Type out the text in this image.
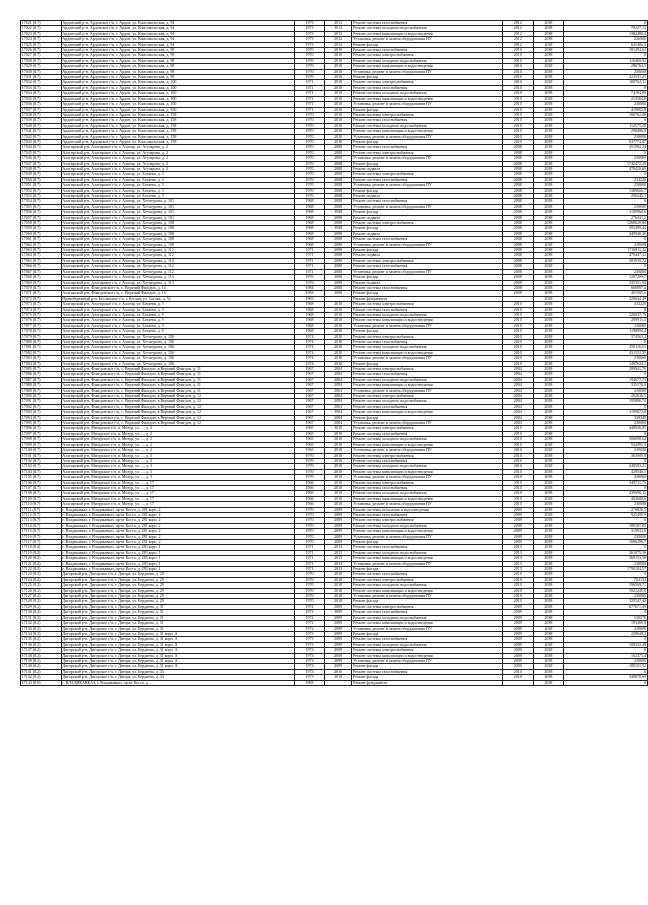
17021 (8.7)	Ардонский р-н, Ардонское г/п, г. Ардон, ул. Комсомольская, д. 94	1973	2012	Ремонт системы газоснабжения	2012	2038	0
17022 (8.7)	Ардонский р-н, Ардонское г/п, г. Ардон, ул. Комсомольская, д. 94	1973	2012	Ремонт системы холодного водоснабжения	2012	2038	78227,13
17023 (8.7)	Ардонский р-н, Ардонское г/п, г. Ардон, ул. Комсомольская, д. 94	1973	2012	Ремонт системы канализации и водоотведения	2012	2038	1382486,4
17024 (8.7)	Ардонский р-н, Ардонское г/п, г. Ардон, ул. Комсомольская, д. 94	1973	2012	Установка, ремонт и замена оборудования ПУ	2012	2038	226000
17025 (8.7)	Ардонский р-н, Ардонское г/п, г. Ардон, ул. Комсомольская, д. 94	1973	2012	Ремонт фасада	2012	2038	641406,5
17026 (8.7)	Ардонский р-н, Ардонское г/п, г. Ардон, ул. Комсомольская, д. 98	1970	2010	Ремонт системы газоснабжения	2010	2038	181294,64
17027 (8.7)	Ардонский р-н, Ардонское г/п, г. Ардон, ул. Комсомольская, д. 98	1970	2010	Ремонт системы электроснабжения	2010	2038	0
17028 (8.7)	Ардонский р-н, Ардонское г/п, г. Ардон, ул. Комсомольская, д. 98	1970	2010	Ремонт системы холодного водоснабжения	2010	2038	110469,92
17029 (8.7)	Ардонский р-н, Ардонское г/п, г. Ардон, ул. Комсомольская, д. 98	1970	2010	Ремонт системы канализации и водоотведения	2010	2038	286764,5
17030 (8.7)	Ардонский р-н, Ардонское г/п, г. Ардон, ул. Комсомольская, д. 98	1970	2010	Установка, ремонт и замена оборудования ПУ	2010	2038	230000
17031 (8.7)	Ардонский р-н, Ардонское г/п, г. Ардон, ул. Комсомольская, д. 98	1970	2010	Ремонт фасада	2010	2038	422531,21
17032 (8.7)	Ардонский р-н, Ардонское г/п, г. Ардон, ул. Комсомольская, д. 100	1971	2010	Ремонт системы электроснабжения	2010	2038	108762,11
17033 (8.7)	Ардонский р-н, Ардонское г/п, г. Ардон, ул. Комсомольская, д. 100	1971	2010	Ремонт системы газоснабжения	2010	2038	0
17034 (8.7)	Ардонский р-н, Ардонское г/п, г. Ардон, ул. Комсомольская, д. 100	1971	2010	Ремонт системы холодного водоснабжения	2010	2038	74184,89
17035 (8.7)	Ардонский р-н, Ардонское г/п, г. Ардон, ул. Комсомольская, д. 100	1971	2010	Ремонт системы канализации и водоотведения	2010	2038	213564,8
17036 (8.7)	Ардонский р-н, Ардонское г/п, г. Ардон, ул. Комсомольская, д. 100	1971	2010	Установка, ремонт и замена оборудования ПУ	2010	2038	230000
17037 (8.7)	Ардонский р-н, Ардонское г/п, г. Ардон, ул. Комсомольская, д. 100	1971	2010	Ремонт фасада	2010	2038	419082,8
17038 (8.7)	Ардонский р-н, Ардонское г/п, г. Ардон, ул. Комсомольская, д. 158	1970	2010	Ремонт системы электроснабжения	2010	2038	166762,08
17039 (8.7)	Ардонский р-н, Ардонское г/п, г. Ардон, ул. Комсомольская, д. 158	1970	2010	Ремонт системы газоснабжения	2010	2038	0
17040 (8.7)	Ардонский р-н, Ардонское г/п, г. Ардон, ул. Комсомольская, д. 158	1970	2010	Ремонт системы холодного водоснабжения	2010	2038	112575,48
17041 (8.7)	Ардонский р-н, Ардонское г/п, г. Ардон, ул. Комсомольская, д. 158	1970	2010	Ремонт системы канализации и водоотведения	2010	2038	298496,8
17042 (8.7)	Ардонский р-н, Ардонское г/п, г. Ардон, ул. Комсомольская, д. 158	1970	2010	Установка, ремонт и замена оборудования ПУ	2010	2038	230000
17043 (8.7)	Ардонский р-н, Ардонское г/п, г. Ардон, ул. Комсомольская, д. 158	1970	2010	Ремонт фасада	2010	2038	637774,87
17044 (8.7)	Алагирский р-н, Алагирское г/п, г. Алагир, ул. Агузарова, д. 2	1970	2008	Ремонт системы газоснабжения	2008	2038	451592,24
17045 (8.7)	Алагирский р-н, Алагирское г/п, г. Алагир, ул. Агузарова, д. 2	1970	2008	Ремонт системы электроснабжения	2008	2038	0
17046 (8.7)	Алагирский р-н, Алагирское г/п, г. Алагир, ул. Агузарова, д. 2	1970	2008	Установка, ремонт и замена оборудования ПУ	2008	2038	230000
17047 (8.7)	Алагирский р-н, Алагирское г/п, г. Алагир, ул. Агузарова, д. 2	1970	2008	Ремонт фасада	2008	2038	1742472,28
17048 (8.7)	Алагирский р-н, Алагирское г/п, г. Алагир, ул. Агузарова, д. 2	1970	2008	Ремонт подвала	2008	2038	478420,69
17049 (8.7)	Алагирский р-н, Алагирское г/п, г. Алагир, ул. Ботаева, д. 3	1970	2008	Ремонт системы электроснабжения	2008	2038	0
17050 (8.7)	Алагирский р-н, Алагирское г/п, г. Алагир, ул. Ботаева, д. 3	1970	2008	Ремонт системы газоснабжения	2008	2038	234220
17051 (8.7)	Алагирский р-н, Алагирское г/п, г. Алагир, ул. Ботаева, д. 3	1970	2008	Установка, ремонт и замена оборудования ПУ	2008	2038	230000
17052 (8.7)	Алагирский р-н, Алагирское г/п, г. Алагир, ул. Ботаева, д. 3	1970	2008	Ремонт фасада	2008	2038	1389666,7
17053 (8.7)	Алагирский р-н, Алагирское г/п, г. Алагир, ул. Ботаева, д. 3	1970	2008	Ремонт подвала	2008	2038	256245,3
17054 (8.7)	Алагирский р-н, Алагирское г/п, г. Алагир, ул. Хетагурова, д. 101	1968	2008	Ремонт системы газоснабжения	2008	2038	0
17055 (8.7)	Алагирский р-н, Алагирское г/п, г. Алагир, ул. Хетагурова, д. 101	1968	2008	Установка, ремонт и замена оборудования ПУ	2008	2038	230000
17056 (8.7)	Алагирский р-н, Алагирское г/п, г. Алагир, ул. Хетагурова, д. 101	1968	2008	Ремонт фасада	2008	2038	1189960,6
17057 (8.7)	Алагирский р-н, Алагирское г/п, г. Алагир, ул. Хетагурова, д. 101	1968	2008	Ремонт подвала	2008	2038	276431,2
17058 (8.7)	Алагирский р-н, Алагирское г/п, г. Алагир, ул. Хетагурова, д. 108	1968	2008	Ремонт системы электроснабжения	2008	2038	1268620,84
17059 (8.7)	Алагирский р-н, Алагирское г/п, г. Алагир, ул. Хетагурова, д. 108	1968	2008	Ремонт фасада	2008	2038	393499,44
17060 (8.7)	Алагирский р-н, Алагирское г/п, г. Алагир, ул. Хетагурова, д. 108	1968	2008	Ремонт подвала	2008	2038	449940,36
17061 (8.7)	Алагирский р-н, Алагирское г/п, г. Алагир, ул. Хетагурова, д. 108	1968	2008	Ремонт системы газоснабжения	2008	2038	0
17062 (8.7)	Алагирский р-н, Алагирское г/п, г. Алагир, ул. Хетагурова, д. 108	1968	2008	Установка, ремонт и замена оборудования ПУ	2008	2038	230000
17063 (8.7)	Алагирский р-н, Алагирское г/п, г. Алагир, ул. Хетагурова, д. 112	1971	2008	Ремонт фасада	2008	2038	1716811,42
17064 (8.7)	Алагирский р-н, Алагирское г/п, г. Алагир, ул. Хетагурова, д. 112	1971	2008	Ремонт подвала	2008	2038	479447,32
17065 (8.7)	Алагирский р-н, Алагирское г/п, г. Алагир, ул. Хетагурова, д. 112	1971	2008	Ремонт системы электроснабжения	2008	2038	303939,72
17066 (8.7)	Алагирский р-н, Алагирское г/п, г. Алагир, ул. Хетагурова, д. 112	1971	2008	Ремонт системы газоснабжения	2008	2038	0
17067 (8.7)	Алагирский р-н, Алагирское г/п, г. Алагир, ул. Хетагурова, д. 112	1971	2008	Установка, ремонт и замена оборудования ПУ	2008	2038	230000
17068 (8.7)	Алагирский р-н, Алагирское г/п, г. Алагир, ул. Хетагурова, д. 113	1976	2008	Ремонт фасада	2008	2038	1207209,7
17069 (8.7)	Алагирский р-н, Алагирское г/п, г. Алагир, ул. Хетагурова, д. 113	1976	2008	Ремонт подвала	2008	2038	335351,94
17070 (8.7)	Алагирский р-н, Фиагдонское г/п, с. Верхний Фиагдон, д. 14	1984	2008	Ремонт системы газоснабжения	2008	2038	660897,4
17071 (8.7)	Алагирский р-н, Фиагдонское г/п, с. Верхний Фиагдон, д. 14	1984	2008	Ремонт фасада	2008	2038	401505,6
17072 (8.7)	Правобережный р-н, Бесланское г/п, г. Беслан, ул. Сигова, д. 52	1983		Ремонт фундамента		2038	320634,49
17073 (8.7)	Алагирский р-н, Алагирское г/п, г. Алагир, ул. Ботаева, д. 5	1968	2010	Ремонт системы электроснабжения	2010	2038	334229
17074 (8.7)	Алагирский р-н, Алагирское г/п, г. Алагир, ул. Ботаева, д. 5	1968	2010	Ремонт системы газоснабжения	2010	2038	0
17075 (8.7)	Алагирский р-н, Алагирское г/п, г. Алагир, ул. Ботаева, д. 5	1968	2010	Ремонт системы холодного водоснабжения	2010	2038	226027,79
17076 (8.7)	Алагирский р-н, Алагирское г/п, г. Алагир, ул. Ботаева, д. 5	1968	2010	Ремонт системы канализации и водоотведения	2010	2038	299911,5
17077 (8.7)	Алагирский р-н, Алагирское г/п, г. Алагир, ул. Ботаева, д. 5	1968	2010	Установка, ремонт и замена оборудования ПУ	2010	2038	230000
17078 (8.7)	Алагирский р-н, Алагирское г/п, г. Алагир, ул. Ботаева, д. 5	1968	2010	Ремонт фасада	2010	2038	1198994,4
17079 (8.7)	Алагирский р-н, Алагирское г/п, г. Алагир, ул. Хетагурова, д. 106	1974	2010	Ремонт системы электроснабжения	2010	2038	374563,4
17080 (8.7)	Алагирский р-н, Алагирское г/п, г. Алагир, ул. Хетагурова, д. 106	1974	2010	Ремонт системы газоснабжения	2010	2038	0
17081 (8.7)	Алагирский р-н, Алагирское г/п, г. Алагир, ул. Хетагурова, д. 106	1974	2010	Ремонт системы холодного водоснабжения	2010	2038	250116,51
17082 (8.7)	Алагирский р-н, Алагирское г/п, г. Алагир, ул. Хетагурова, д. 106	1974	2010	Ремонт системы канализации и водоотведения	2010	2038	431151,35
17083 (8.7)	Алагирский р-н, Алагирское г/п, г. Алагир, ул. Хетагурова, д. 106	1974	2010	Установка, ремонт и замена оборудования ПУ	2010	2038	230000
17084 (8.7)	Алагирский р-н, Алагирское г/п, г. Алагир, ул. Хетагурова, д. 106	1974	2010	Ремонт фасада	2010	2038	1497624,1
17085 (8.7)	Алагирский р-н, Фиагдонское г/п, с. Верхний Фиагдон, в Верхний Фиагдон, д. 11	1967	2004	Ремонт системы электроснабжения	2004	2038	289941,76
17086 (8.7)	Алагирский р-н, Фиагдонское г/п, с. Верхний Фиагдон, в Верхний Фиагдон, д. 11	1967	2004	Ремонт системы газоснабжения	2004	2038	0
17087 (8.7)	Алагирский р-н, Фиагдонское г/п, с. Верхний Фиагдон, в Верхний Фиагдон, д. 11	1967	2004	Ремонт системы холодного водоснабжения	2004	2038	194077,71
17088 (8.7)	Алагирский р-н, Фиагдонское г/п, с. Верхний Фиагдон, в Верхний Фиагдон, д. 11	1967	2004	Ремонт системы канализации и водоотведения	2004	2038	335170,6
17089 (8.7)	Алагирский р-н, Фиагдонское г/п, с. Верхний Фиагдон, в Верхний Фиагдон, д. 11	1967	2004	Установка, ремонт и замена оборудования ПУ	2004	2038	230000
17090 (8.7)	Алагирский р-н, Фиагдонское г/п, с. Верхний Фиагдон, в Верхний Фиагдон, д. 12	1967	2004	Ремонт системы электроснабжения	2004	2038	292636,5
17091 (8.7)	Алагирский р-н, Фиагдонское г/п, с. Верхний Фиагдон, в Верхний Фиагдон, д. 12	1967	2004	Ремонт системы холодного водоснабжения	2004	2038	195896,74
17092 (8.7)	Алагирский р-н, Фиагдонское г/п, с. Верхний Фиагдон, в Верхний Фиагдон, д. 12	1967	2004	Ремонт системы газоснабжения	2004	2038	0
17093 (8.7)	Алагирский р-н, Фиагдонское г/п, с. Верхний Фиагдон, в Верхний Фиагдон, д. 12	1967	2004	Ремонт системы канализации и водоотведения	2004	2038	1199072,8
17094 (8.7)	Алагирский р-н, Фиагдонское г/п, с. Верхний Фиагдон, в Верхний Фиагдон, д. 12	1967	2004	Ремонт фасада	2004	2038	338348
17095 (8.7)	Алагирский р-н, Фиагдонское г/п, с. Верхний Фиагдон, в Верхний Фиагдон, д. 12	1967	2004	Установка, ремонт и замена оборудования ПУ	2004	2038	230000
17096 (8.7)	Алагирский р-н, Мизурское г/п, п. Мизур, ул. ..., д. 2	1965	2010	Ремонт системы электроснабжения	2010	2038	448936,95
17097 (8.7)	Алагирский р-н, Мизурское г/п, п. Мизур, ул. ..., д. 2	1965	2010	Ремонт системы газоснабжения	2010	2038	0
17098 (8.7)	Алагирский р-н, Мизурское г/п, п. Мизур, ул. ..., д. 2	1965	2010	Ремонт системы холодного водоснабжения	2010	2038	306698,62
17099 (8.7)	Алагирский р-н, Мизурское г/п, п. Мизур, ул. ..., д. 2	1965	2010	Ремонт системы канализации и водоотведения	2010	2038	532995,5
17100 (8.7)	Алагирский р-н, Мизурское г/п, п. Мизур, ул. ..., д. 2	1965	2010	Установка, ремонт и замена оборудования ПУ	2010	2038	230000
17101 (8.7)	Алагирский р-н, Мизурское г/п, п. Мизур, ул. ..., д. 3	1970	2010	Ремонт системы электроснабжения	2010	2038	363909,9
17102 (8.7)	Алагирский р-н, Мизурское г/п, п. Мизур, ул. ..., д. 3	1970	2010	Ремонт системы газоснабжения	2010	2038	0
17103 (8.7)	Алагирский р-н, Мизурское г/п, п. Мизур, ул. ..., д. 3	1970	2010	Ремонт системы холодного водоснабжения	2010	2038	248593,21
17104 (8.7)	Алагирский р-н, Мизурское г/п, п. Мизур, ул. ..., д. 3	1970	2010	Ремонт системы канализации и водоотведения	2010	2038	429540,1
17105 (8.7)	Алагирский р-н, Мизурское г/п, п. Мизур, ул. ..., д. 3	1970	2010	Установка, ремонт и замена оборудования ПУ	2010	2038	230000
17106 (8.7)	Алагирский р-н, Мизурское г/п, п. Мизур, ул. ..., д. 17	1966	2010	Ремонт системы электроснабжения	2010	2038	349711,79
17107 (8.7)	Алагирский р-н, Мизурское г/п, п. Мизур, ул. ..., д. 17	1966	2010	Ремонт системы газоснабжения	2010	2038	0
17108 (8.7)	Алагирский р-н, Мизурское г/п, п. Мизур, ул. ..., д. 17	1966	2010	Ремонт системы холодного водоснабжения	2010	2038	239690,11
17109 (8.7)	Алагирский р-н, Мизурское г/п, п. Мизур, ул. ..., д. 17	1966	2010	Ремонт системы канализации и водоотведения	2010	2038	402600,6
17110 (8.7)	Алагирский р-н, Мизурское г/п, п. Мизур, ул. ..., д. 17	1966	2010	Установка, ремонт и замена оборудования ПУ	2010	2038	230000
17111 (8.7)	г. Владикавказ, г. Владикавказ, пр-кт Коста, д. 281 корп. 2	1970	2009	Ремонт системы отопления и водоотведения	2009	2038	276826,5
17112 (8.7)	г. Владикавказ, г. Владикавказ, пр-кт Коста, д. 281 корп. 2	1970	2009	Ремонт системы газоснабжения	2009	2038	925499,9
17113 (8.7)	г. Владикавказ, г. Владикавказ, пр-кт Коста, д. 281 корп. 2	1970	2009	Ремонт системы электроснабжения	2009	2038	0
17114 (8.7)	г. Владикавказ, г. Владикавказ, пр-кт Коста, д. 281 корп. 2	1970	2009	Ремонт системы холодного водоснабжения	2009	2038	189181,85
17115 (8.7)	г. Владикавказ, г. Владикавказ, пр-кт Коста, д. 281 корп. 2	1970	2009	Ремонт системы канализации и водоотведения	2009	2038	319933,8
17116 (8.7)	г. Владикавказ, г. Владикавказ, пр-кт Коста, д. 281 корп. 2	1970	2009	Установка, ремонт и замена оборудования ПУ	2009	2038	230000
17117 (8.7)	г. Владикавказ, г. Владикавказ, пр-кт Коста, д. 281 корп. 2	1970	2009	Ремонт фасада	2009	2038	1066286,7
17118 (8.2)	г. Владикавказ, г. Владикавказ, пр-кт Коста, д. 283 корп. 1	1971	2013	Ремонт системы газоснабжения	2013	2038	0
17119 (8.2)	г. Владикавказ, г. Владикавказ, пр-кт Коста, д. 283 корп. 1	1971	2013	Ремонт системы холодного водоснабжения	2013	2038	261075,36
17120 (8.2)	г. Владикавказ, г. Владикавказ, пр-кт Коста, д. 283 корп. 1	1971	2013	Ремонт системы канализации и водоотведения	2013	2038	369153,58
17121 (8.2)	г. Владикавказ, г. Владикавказ, пр-кт Коста, д. 283 корп. 1	1971	2013	Установка, ремонт и замена оборудования ПУ	2013	2038	230000
17122 (8.2)	г. Владикавказ, г. Владикавказ, пр-кт Коста, д. 283 корп. 1	1971	2013	Ремонт фасада	2013	2038	1790104,57
17123 (8.2)	Дигорский р-н, Дигорское г/п, г. Дигора, ул. Бердиева, д. 29	1970	2010	Ремонт системы газоснабжения	2010	2038	0
17124 (8.2)	Дигорский р-н, Дигорское г/п, г. Дигора, ул. Бердиева, д. 29	1970	2010	Ремонт системы электроснабжения	2010	2038	704132
17125 (8.2)	Дигорский р-н, Дигорское г/п, г. Дигора, ул. Бердиева, д. 29	1970	2010	Ремонт системы холодного водоснабжения	2010	2038	196569,71
17126 (8.2)	Дигорский р-н, Дигорское г/п, г. Дигора, ул. Бердиева, д. 29	1970	2010	Ремонт системы канализации и водоотведения	2010	2038	1021240,8
17127 (8.2)	Дигорский р-н, Дигорское г/п, г. Дигора, ул. Бердиева, д. 29	1970	2010	Установка, ремонт и замена оборудования ПУ	2010	2038	230000
17128 (8.2)	Дигорский р-н, Дигорское г/п, г. Дигора, ул. Бердиева, д. 29	1970	2010	Ремонт фасада	2010	2038	325547,42
17129 (8.2)	Дигорский р-н, Дигорское г/п, г. Дигора, ул. Бердиева, д. 31	1972	2009	Ремонт системы электроснабжения	2009	2038	677671,49
17130 (8.2)	Дигорский р-н, Дигорское г/п, г. Дигора, ул. Бердиева, д. 31	1972	2009	Ремонт системы газоснабжения	2009	2038	0
17131 (8.2)	Дигорский р-н, Дигорское г/п, г. Дигора, ул. Бердиева, д. 31	1972	2009	Ремонт системы холодного водоснабжения	2009	2038	130576
17132 (8.2)	Дигорский р-н, Дигорское г/п, г. Дигора, ул. Бердиева, д. 31	1972	2009	Ремонт системы канализации и водоотведения	2009	2038	193469,8
17133 (8.2)	Дигорский р-н, Дигорское г/п, г. Дигора, ул. Бердиева, д. 31	1972	2009	Установка, ремонт и замена оборудования ПУ	2009	2038	230000
17134 (8.2)	Дигорский р-н, Дигорское г/п, г. Дигора, ул. Бердиева, д. 31 корп. А	1973	2009	Ремонт фасада	2009	2038	228648,3
17135 (8.2)	Дигорский р-н, Дигорское г/п, г. Дигора, ул. Бердиева, д. 31 корп. А	1973	2009	Ремонт системы газоснабжения	2009	2038	0
17136 (8.2)	Дигорский р-н, Дигорское г/п, г. Дигора, ул. Бердиева, д. 31 корп. А	1973	2009	Ремонт системы холодного водоснабжения	2009	2038	108332,49
17137 (8.2)	Дигорский р-н, Дигорское г/п, г. Дигора, ул. Бердиева, д. 31 корп. А	1973	2009	Ремонт системы электроснабжения	2009	2038	0
17138 (8.2)	Дигорский р-н, Дигорское г/п, г. Дигора, ул. Бердиева, д. 31 корп. А	1973	2009	Ремонт системы канализации и водоотведения	2009	2038	162373,4
17139 (8.2)	Дигорский р-н, Дигорское г/п, г. Дигора, ул. Бердиева, д. 31 корп. А	1973	2009	Установка, ремонт и замена оборудования ПУ	2009	2038	230000
17140 (8.2)	Дигорский р-н, Дигорское г/п, г. Дигора, ул. Бердиева, д. 31 корп. А	1973	2009	Ремонт фасада	2009	2038	100101,52
17141 (8.2)	Дигорский р-н, Дигорское г/п, г. Дигора, ул. Бердиева, д. 33	1973	2010	Ремонт системы газоснабжения	2010	2038	0
17142 (8.2)	Дигорский р-н, Дигорское г/п, г. Дигора, ул. Бердиева, д. 33	1973	2010	Ремонт фасада	2010	2038	348878,69
17143 (8.0)	г. ВЛАДИКАВКАЗ, г. Владикавказ, пр-кт Коста, д. ...	1983		Ремонт фундамента		2038	0
